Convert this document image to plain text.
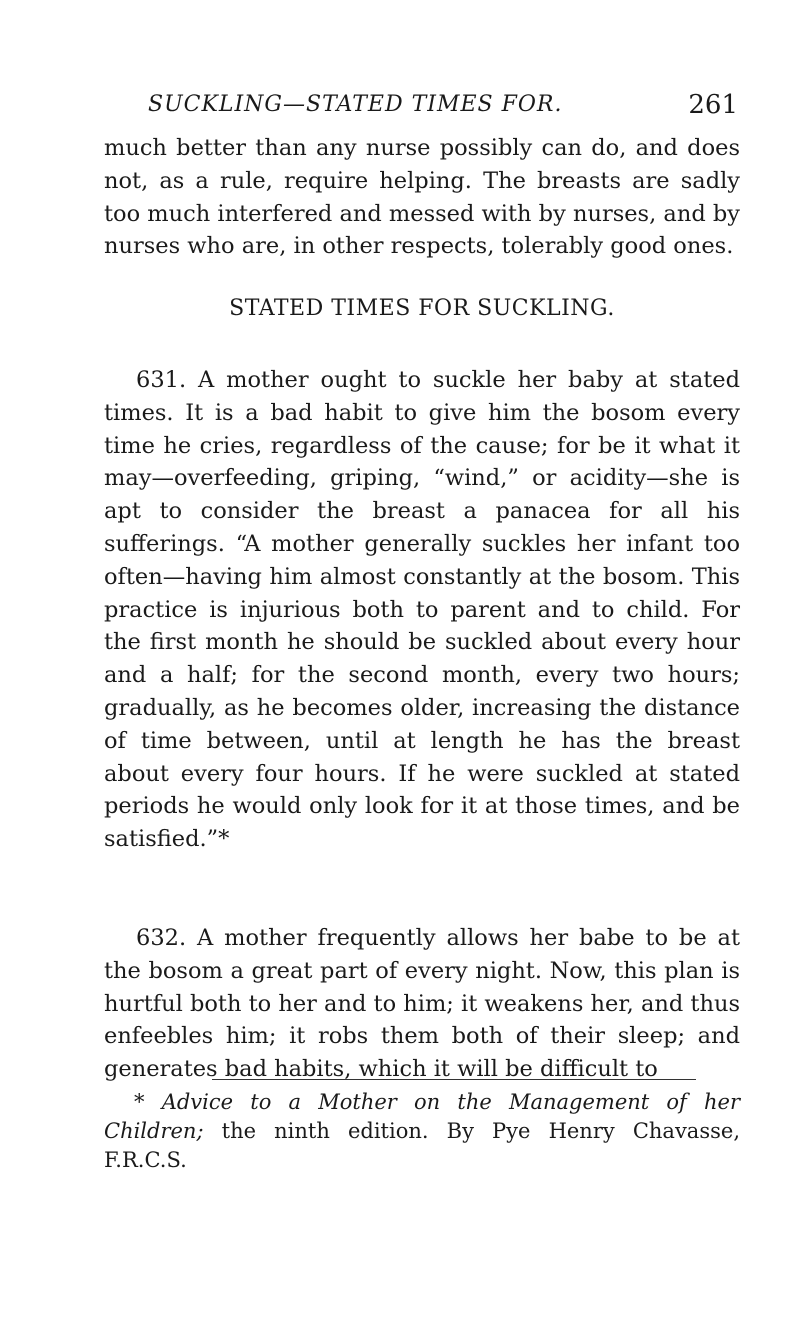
SUCKLING—STATED TIMES FOR.	261

much better than any nurse possibly can do, and does not, as a rule, require helping. The breasts are sadly too much interfered and messed with by nurses, and by nurses who are, in other respects, tolerably good ones.

STATED TIMES FOR SUCKLING.

631. A mother ought to suckle her baby at stated times. It is a bad habit to give him the bosom every time he cries, regardless of the cause; for be it what it may—overfeeding, griping, “wind,” or acidity—she is apt to consider the breast a panacea for all his sufferings. “A mother generally suckles her infant too often—having him almost constantly at the bosom. This practice is injurious both to parent and to child. For the first month he should be suckled about every hour and a half; for the second month, every two hours; gradually, as he becomes older, increasing the distance of time between, until at length he has the breast about every four hours. If he were suckled at stated periods he would only look for it at those times, and be satisfied.”*

632. A mother frequently allows her babe to be at the bosom a great part of every night. Now, this plan is hurtful both to her and to him; it weakens her, and thus enfeebles him; it robs them both of their sleep; and generates bad habits, which it will be difficult to

* Advice to a Mother on the Management of her Children; the ninth edition. By Pye Henry Chavasse, F.R.C.S.
